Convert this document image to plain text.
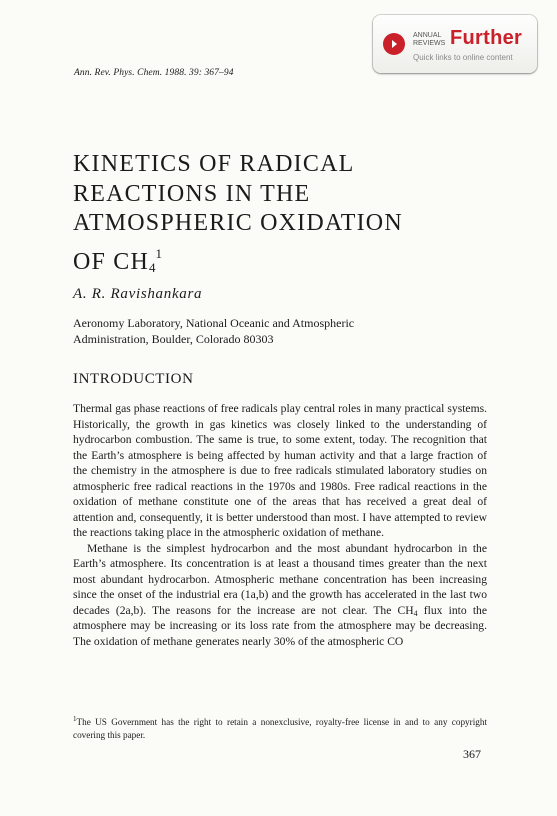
Ann. Rev. Phys. Chem. 1988. 39: 367–94
ANNUAL REVIEWS Further
Quick links to online content
KINETICS OF RADICAL
REACTIONS IN THE
ATMOSPHERIC OXIDATION
OF $CH_4^1$
A. R. Ravishankara
Aeronomy Laboratory, National Oceanic and Atmospheric
Administration, Boulder, Colorado 80303
INTRODUCTION

Thermal gas phase reactions of free radicals play central roles in many practical systems. Historically, the growth in gas kinetics was closely linked to the understanding of hydrocarbon combustion. The same is true, to some extent, today. The recognition that the Earth’s atmosphere is being affected by human activity and that a large fraction of the chemistry in the atmosphere is due to free radicals stimulated laboratory studies on atmospheric free radical reactions in the 1970s and 1980s. Free radical reactions in the oxidation of methane constitute one of the areas that has received a great deal of attention and, consequently, it is better understood than most. I have attempted to review the reactions taking place in the atmospheric oxidation of methane.

Methane is the simplest hydrocarbon and the most abundant hydrocarbon in the Earth’s atmosphere. Its concentration is at least a thousand times greater than the next most abundant hydrocarbon. Atmospheric methane concentration has been increasing since the onset of the industrial era (1a,b) and the growth has accelerated in the last two decades (2a,b). The reasons for the increase are not clear. The $CH_4$ flux into the atmosphere may be increasing or its loss rate from the atmosphere may be decreasing. The oxidation of methane generates nearly 30% of the atmospheric CO

$^1$The US Government has the right to retain a nonexclusive, royalty-free license in and to any copyright covering this paper.
367
